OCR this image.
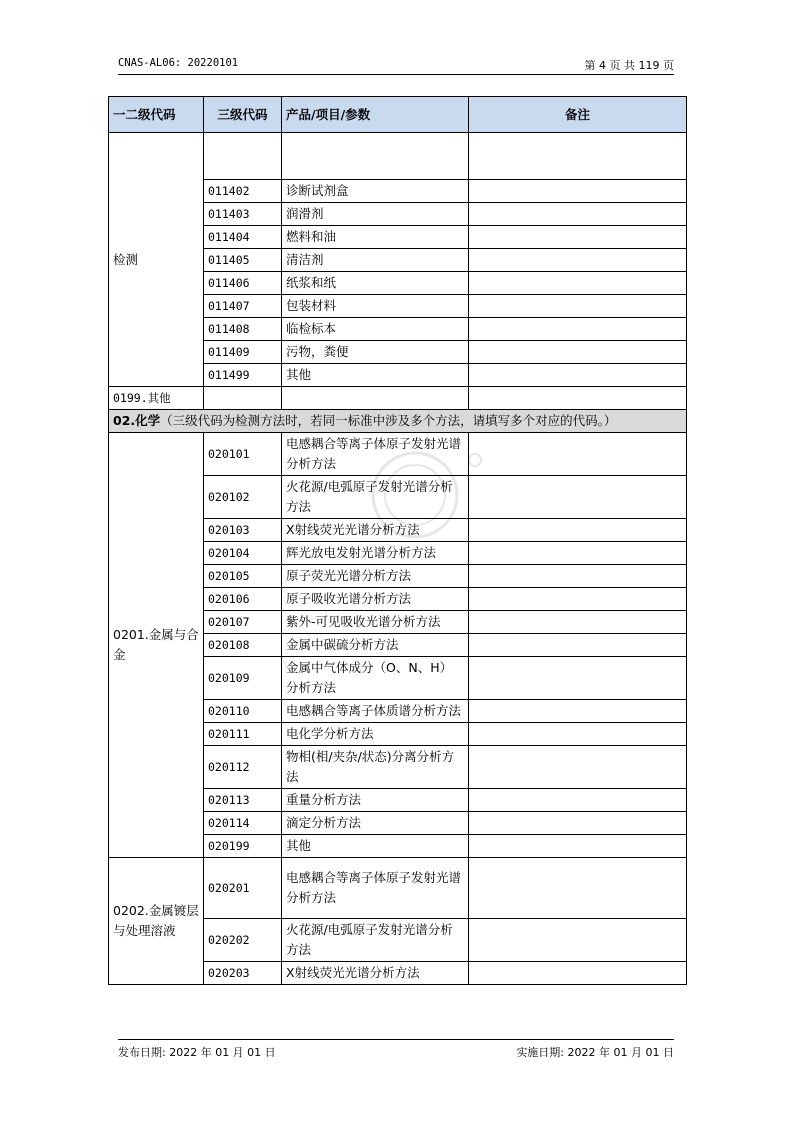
CNAS-AL06: 20220101	第 4 页 共 119 页
一二级代码	三级代码	产品/项目/参数	备注
检测			
	011402	诊断试剂盒	
	011403	润滑剂	
	011404	燃料和油	
	011405	清洁剂	
	011406	纸浆和纸	
	011407	包装材料	
	011408	临检标本	
	011409	污物，粪便	
	011499	其他	
0199.其他			
02.化学（三级代码为检测方法时，若同一标准中涉及多个方法，请填写多个对应的代码。）			
0201.金属与合金	020101	电感耦合等离子体原子发射光谱分析方法	
	020102	火花源/电弧原子发射光谱分析方法	
	020103	X射线荧光光谱分析方法	
	020104	辉光放电发射光谱分析方法	
	020105	原子荧光光谱分析方法	
	020106	原子吸收光谱分析方法	
	020107	紫外-可见吸收光谱分析方法	
	020108	金属中碳硫分析方法	
	020109	金属中气体成分（O、N、H）分析方法	
	020110	电感耦合等离子体质谱分析方法	
	020111	电化学分析方法	
	020112	物相(相/夹杂/状态)分离分析方法	
	020113	重量分析方法	
	020114	滴定分析方法	
	020199	其他	
0202.金属镀层与处理溶液	020201	电感耦合等离子体原子发射光谱分析方法	
	020202	火花源/电弧原子发射光谱分析方法	
	020203	X射线荧光光谱分析方法	
发布日期: 2022 年 01 月 01 日	实施日期: 2022 年 01 月 01 日
